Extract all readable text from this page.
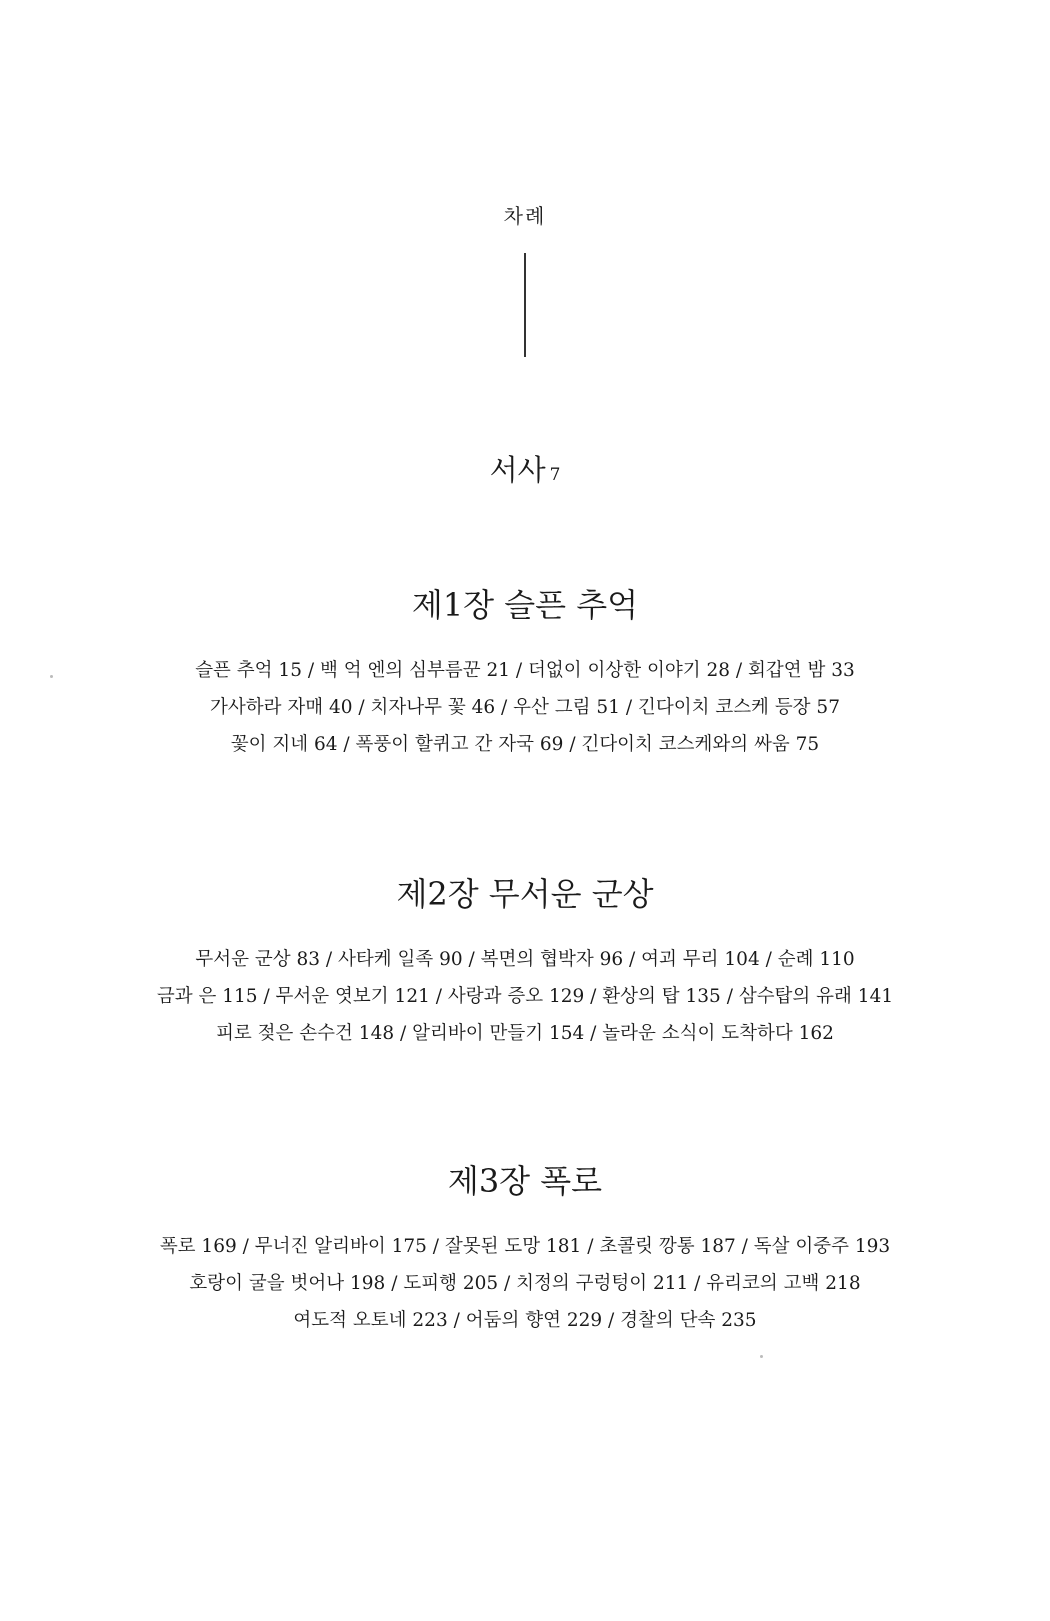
차례
서사 7
제1장 슬픈 추억

슬픈 추억 15 / 백 억 엔의 심부름꾼 21 / 더없이 이상한 이야기 28 / 회갑연 밤 33

가사하라 자매 40 / 치자나무 꽃 46 / 우산 그림 51 / 긴다이치 코스케 등장 57

꽃이 지네 64 / 폭풍이 할퀴고 간 자국 69 / 긴다이치 코스케와의 싸움 75

제2장 무서운 군상

무서운 군상 83 / 사타케 일족 90 / 복면의 협박자 96 / 여괴 무리 104 / 순례 110

금과 은 115 / 무서운 엿보기 121 / 사랑과 증오 129 / 환상의 탑 135 / 삼수탑의 유래 141

피로 젖은 손수건 148 / 알리바이 만들기 154 / 놀라운 소식이 도착하다 162

제3장 폭로

폭로 169 / 무너진 알리바이 175 / 잘못된 도망 181 / 초콜릿 깡통 187 / 독살 이중주 193

호랑이 굴을 벗어나 198 / 도피행 205 / 치정의 구렁텅이 211 / 유리코의 고백 218

여도적 오토네 223 / 어둠의 향연 229 / 경찰의 단속 235
